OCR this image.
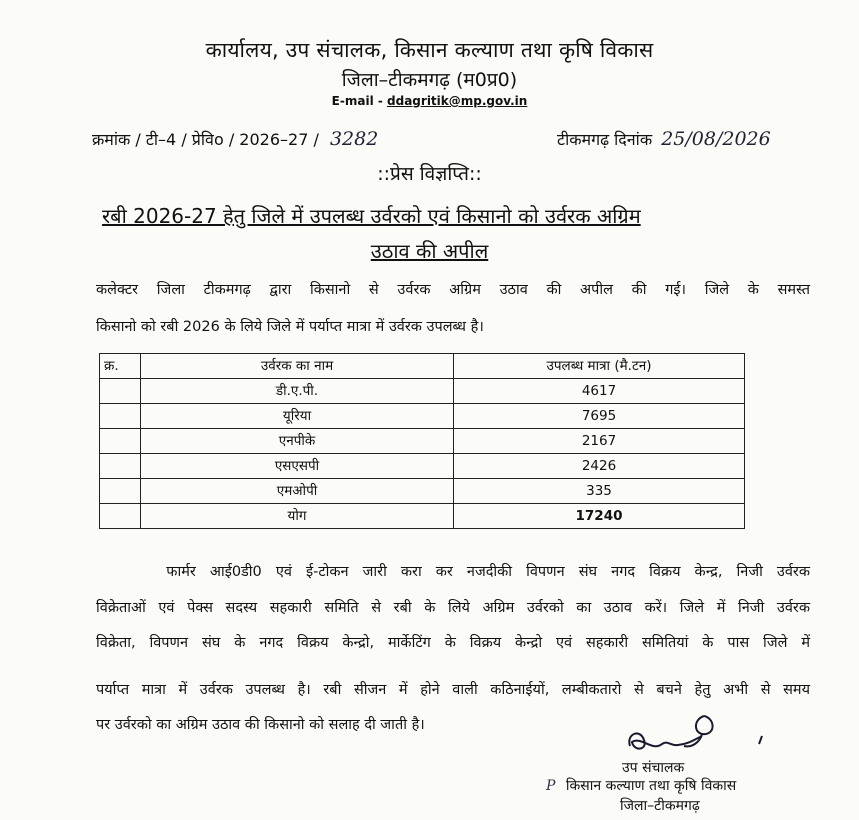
कार्यालय, उप संचालक, किसान कल्याण तथा कृषि विकास
जिला–टीकमगढ़ (म0प्र0)
E-mail - ddagritik@mp.gov.in
क्रमांक / टी–4 / प्रेविo / 2026–27 / 3282	टीकमगढ़ दिनांक 25/08/2026
::प्रेस विज्ञप्ति::
रबी 2026-27 हेतु जिले में उपलब्ध उर्वरको एवं किसानो को उर्वरक अग्रिम
उठाव की अपील
कलेक्टर जिला टीकमगढ़ द्वारा किसानो से उर्वरक अग्रिम उठाव की अपील की गई। जिले के समस्त
किसानो को रबी 2026 के लिये जिले में पर्याप्त मात्रा में उर्वरक उपलब्ध है।
क्र.	उर्वरक का नाम	उपलब्ध मात्रा (मै.टन)
	डी.ए.पी.	4617
	यूरिया	7695
	एनपीके	2167
	एसएसपी	2426
	एमओपी	335
	योग	17240
फार्मर आई0डी0 एवं ई-टोकन जारी करा कर नजदीकी विपणन संघ नगद विक्रय केन्द्र, निजी उर्वरक
विक्रेताओं एवं पेक्स सदस्य सहकारी समिति से रबी के लिये अग्रिम उर्वरको का उठाव करें। जिले में निजी उर्वरक
विक्रेता, विपणन संघ के नगद विक्रय केन्द्रो, मार्केटिंग के विक्रय केन्द्रो एवं सहकारी समितियां के पास जिले में
पर्याप्त मात्रा में उर्वरक उपलब्ध है। रबी सीजन में होने वाली कठिनाईयों, लम्बीकतारो से बचने हेतु अभी से समय
पर उर्वरको का अग्रिम उठाव की किसानो को सलाह दी जाती है।
उप संचालक
P किसान कल्याण तथा कृषि विकास
जिला–टीकमगढ़
